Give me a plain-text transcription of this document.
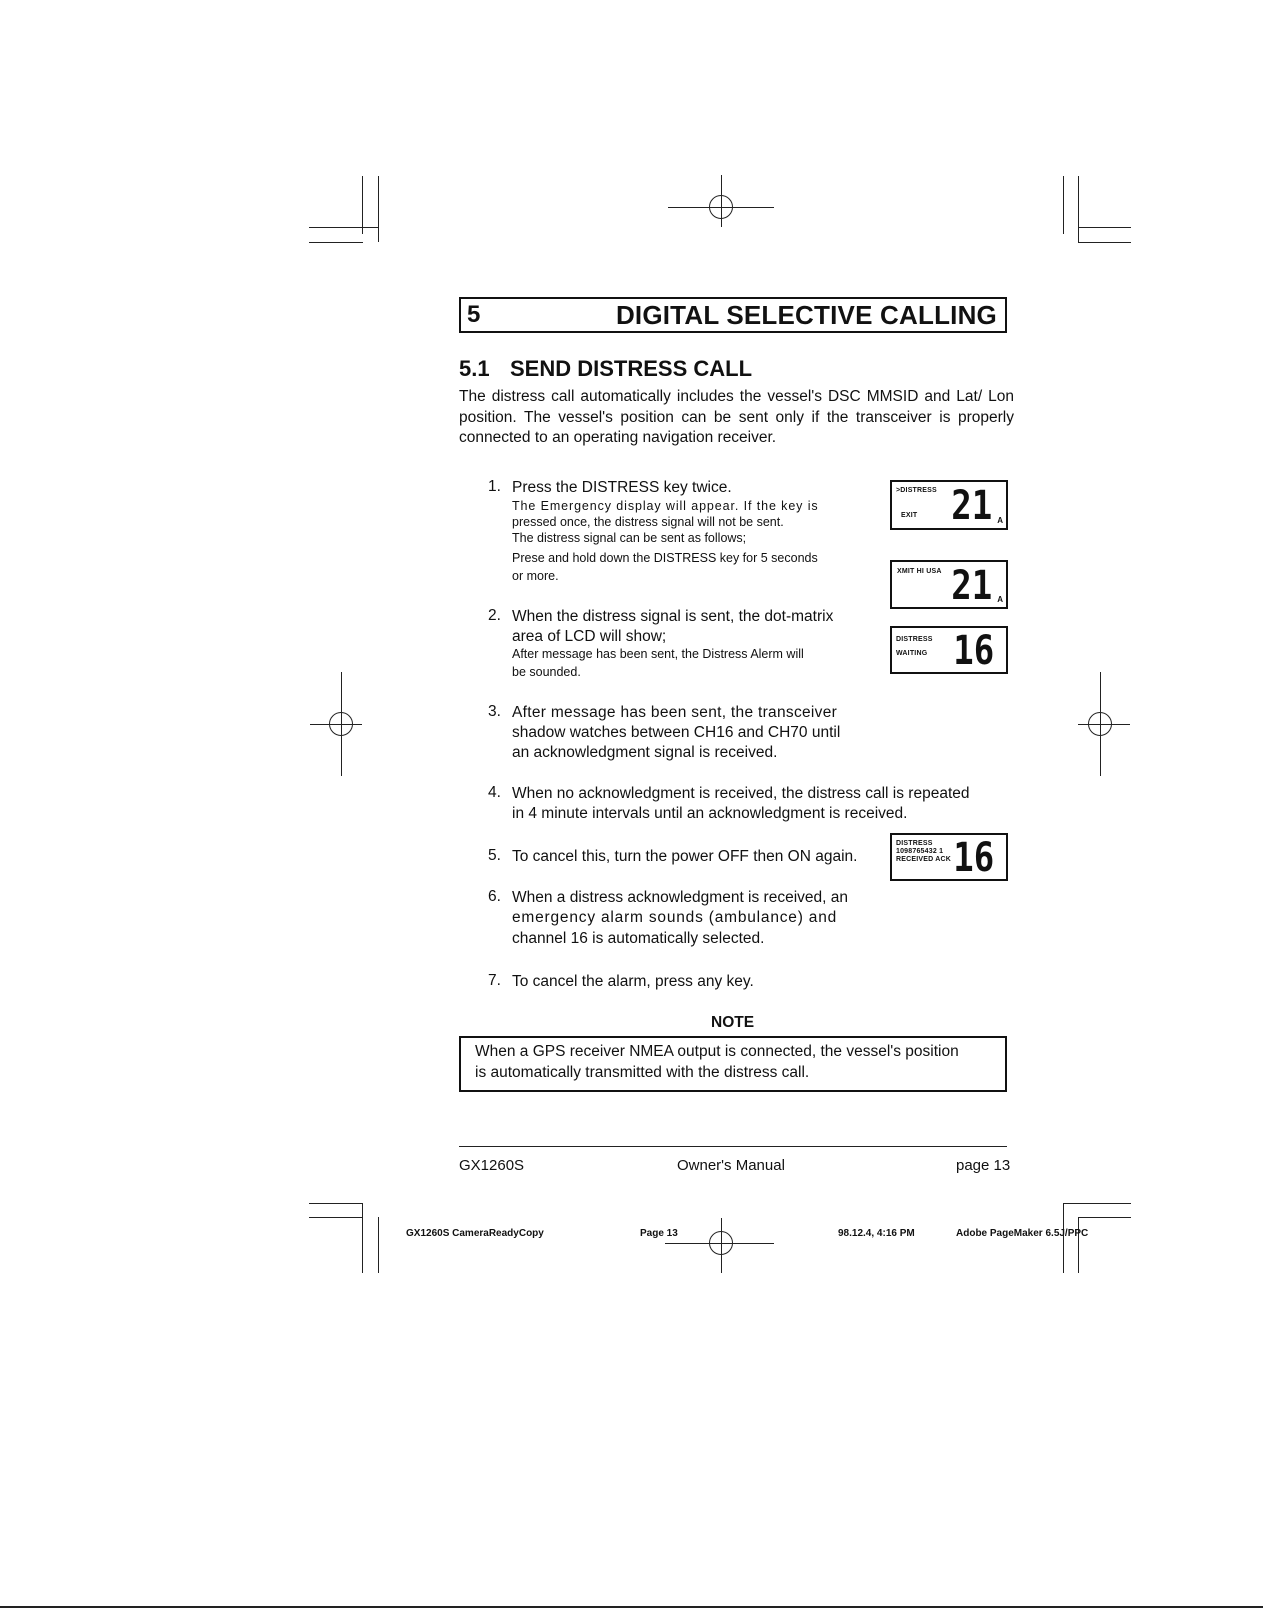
5	DIGITAL SELECTIVE CALLING
5.1 SEND DISTRESS CALL
The distress call automatically includes the vessel's DSC MMSID and Lat/ Lon position. The vessel's position can be sent only if the transceiver is properly connected to an operating navigation receiver.
1. Press the DISTRESS key twice.
The Emergency display will appear. If the key is
pressed once, the distress signal will not be sent.
The distress signal can be sent as follows;
Prese and hold down the DISTRESS key for 5 seconds
or more.
2. When the distress signal is sent, the dot-matrix
area of LCD will show;
After message has been sent, the Distress Alerm will
be sounded.
3. After message has been sent, the transceiver
shadow watches between CH16 and CH70 until
an acknowledgment signal is received.
4. When no acknowledgment is received, the distress call is repeated
in 4 minute intervals until an acknowledgment is received.
5. To cancel this, turn the power OFF then ON again.
6. When a distress acknowledgment is received, an
emergency alarm sounds (ambulance) and
channel 16 is automatically selected.
7. To cancel the alarm, press any key.
>DISTRESS
EXIT 21 A
XMIT HI USA 21 A
DISTRESS
WAITING 16
DISTRESS
1098765432 1
RECEIVED ACK 16
NOTE
When a GPS receiver NMEA output is connected, the vessel's position
is automatically transmitted with the distress call.
GX1260S	Owner's Manual	page 13
GX1260S CameraReadyCopy	Page 13	98.12.4, 4:16 PM	Adobe PageMaker 6.5J/PPC
